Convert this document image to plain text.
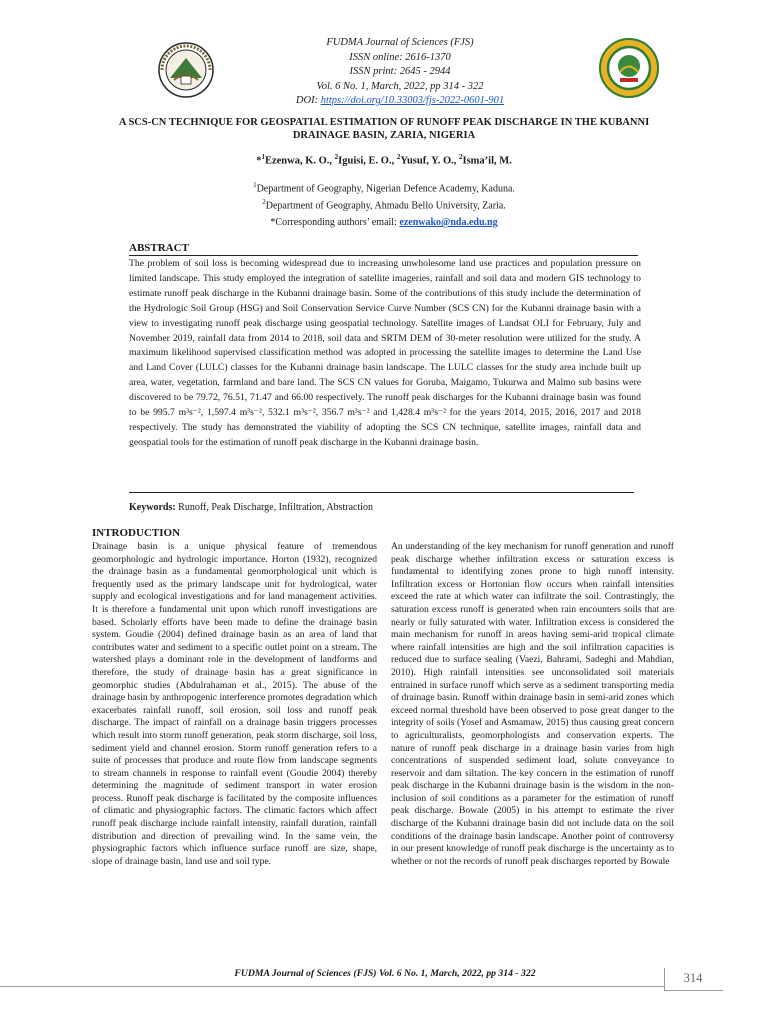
FUDMA Journal of Sciences (FJS)
ISSN online: 2616-1370
ISSN print: 2645 - 2944
Vol. 6 No. 1, March, 2022, pp 314 - 322
DOI: https://doi.org/10.33003/fjs-2022-0601-901
A SCS-CN TECHNIQUE FOR GEOSPATIAL ESTIMATION OF RUNOFF PEAK DISCHARGE IN THE KUBANNI DRAINAGE BASIN, ZARIA, NIGERIA
*$^1$Ezenwa, K. O., $^2$Iguisi, E. O., $^2$Yusuf, Y. O., $^2$Isma’il, M.
$^1$Department of Geography, Nigerian Defence Academy, Kaduna.
$^2$Department of Geography, Ahmadu Bello University, Zaria.
*Corresponding authors’ email: ezenwako@nda.edu.ng
ABSTRACT
The problem of soil loss is becoming widespread due to increasing unwholesome land use practices and population pressure on limited landscape. This study employed the integration of satellite imageries, rainfall and soil data and modern GIS technology to estimate runoff peak discharge in the Kubanni drainage basin. Some of the contributions of this study include the determination of the Hydrologic Soil Group (HSG) and Soil Conservation Service Curve Number (SCS CN) for the Kubanni drainage basin with a view to investigating runoff peak discharge using geospatial technology. Satellite images of Landsat OLI for February, July and November 2019, rainfall data from 2014 to 2018, soil data and SRTM DEM of 30-meter resolution were utilized for the study. A maximum likelihood supervised classification method was adopted in processing the satellite images to determine the Land Use and Land Cover (LULC) classes for the Kubanni drainage basin landscape. The LULC classes for the study area include built up area, water, vegetation, farmland and bare land. The SCS CN values for Goruba, Maigamo, Tukurwa and Malmo sub basins were discovered to be 79.72, 76.51, 71.47 and 66.00 respectively. The runoff peak discharges for the Kubanni drainage basin was found to be 995.7 m³s⁻², 1,597.4 m³s⁻², 532.1 m³s⁻², 356.7 m³s⁻² and 1,428.4 m³s⁻² for the years 2014, 2015, 2016, 2017 and 2018 respectively. The study has demonstrated the viability of adopting the SCS CN technique, satellite images, rainfall data and geospatial tools for the estimation of runoff peak discharge in the Kubanni drainage basin.
Keywords: Runoff, Peak Discharge, Infiltration, Abstraction
INTRODUCTION
Drainage basin is a unique physical feature of tremendous geomorphologic and hydrologic importance. Horton (1932), recognized the drainage basin as a fundamental geomorphological unit which is frequently used as the primary landscape unit for hydrological, water supply and ecological investigations and for land management activities. It is therefore a fundamental unit upon which runoff investigations are based. Scholarly efforts have been made to define the drainage basin system. Goudie (2004) defined drainage basin as an area of land that contributes water and sediment to a specific outlet point on a stream. The watershed plays a dominant role in the development of landforms and therefore, the study of drainage basin has a great significance in geomorphic studies (Abdulrahaman et al., 2015). The abuse of the drainage basin by anthropogenic interference promotes degradation which exacerbates rainfall runoff, soil erosion, soil loss and runoff peak discharge. The impact of rainfall on a drainage basin triggers processes which result into storm runoff generation, peak storm discharge, soil loss, sediment yield and channel erosion. Storm runoff generation refers to a suite of processes that produce and route flow from landscape segments to stream channels in response to rainfall event (Goudie 2004) thereby determining the magnitude of sediment transport in water erosion process. Runoff peak discharge is facilitated by the composite influences of climatic and physiographic factors. The climatic factors which affect runoff peak discharge include rainfall intensity, rainfall duration, rainfall distribution and direction of prevailing wind. In the same vein, the physiographic factors which influence surface runoff are size, shape, slope of drainage basin, land use and soil type.
An understanding of the key mechanism for runoff generation and runoff peak discharge whether infiltration excess or saturation excess is fundamental to identifying zones prone to high runoff intensity. Infiltration excess or Hortonian flow occurs when rainfall intensities exceed the rate at which water can infiltrate the soil. Contrastingly, the saturation excess runoff is generated when rain encounters soils that are nearly or fully saturated with water. Infiltration excess is considered the main mechanism for runoff in areas having semi-arid tropical climate where rainfall intensities are high and the soil infiltration capacities is reduced due to surface sealing (Vaezi, Bahrami, Sadeghi and Mahdian, 2010). High rainfall intensities see unconsolidated soil materials entrained in surface runoff which serve as a sediment transporting media of drainage basin. Runoff within drainage basin in semi-arid zones which exceed normal threshold have been observed to pose great danger to the integrity of soils (Yosef and Asmamaw, 2015) thus causing great concern to agriculturalists, geomorphologists and conservation experts. The nature of runoff peak discharge in a drainage basin varies from high concentrations of suspended sediment load, solute conveyance to reservoir and dam siltation. The key concern in the estimation of runoff peak discharge in the Kubanni drainage basin is the wisdom in the non-inclusion of soil conditions as a parameter for the estimation of runoff peak discharge. Bowale (2005) in his attempt to estimate the river discharge of the Kubanni drainage basin did not include data on the soil conditions of the drainage basin landscape. Another point of controversy in our present knowledge of runoff peak discharge is the uncertainty as to whether or not the records of runoff peak discharges reported by Bowale
FUDMA Journal of Sciences (FJS) Vol. 6 No. 1, March, 2022, pp 314 - 322	314
